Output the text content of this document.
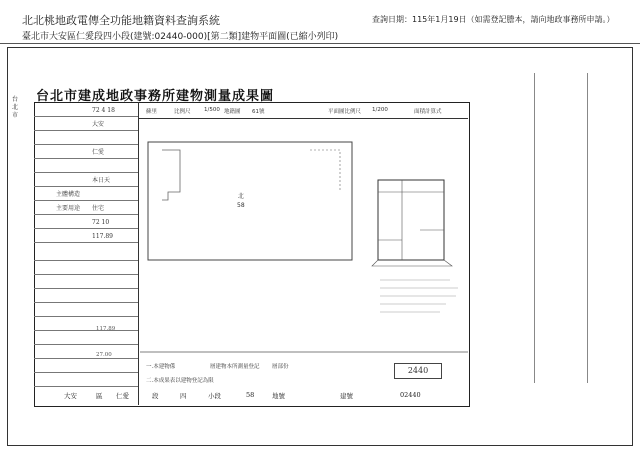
北北桃地政電傳全功能地籍資料查詢系統
臺北市大安區仁愛段四小段(建號:02440-000)[第二類]建物平面圖(已縮小列印)
查詢日期：115年1月19日（如需登記謄本，請向地政事務所申請。）
台北市
台北市建成地政事務所建物測量成果圖
72 4 18
大安
仁愛
本日天
主體構造
主要用途	住宅
72 10
117.89
蘇里	比例尺 1/500 地籍圖 61號	平面圖比例尺 1/200	面積計算式
北
58
117.89
27.00
一.本建物係	層建物本所測量登記 層部份
二.本成果表以建物登記為限
2440
大安	區 仁愛	段	四	小段	58	地號	建號	02440
